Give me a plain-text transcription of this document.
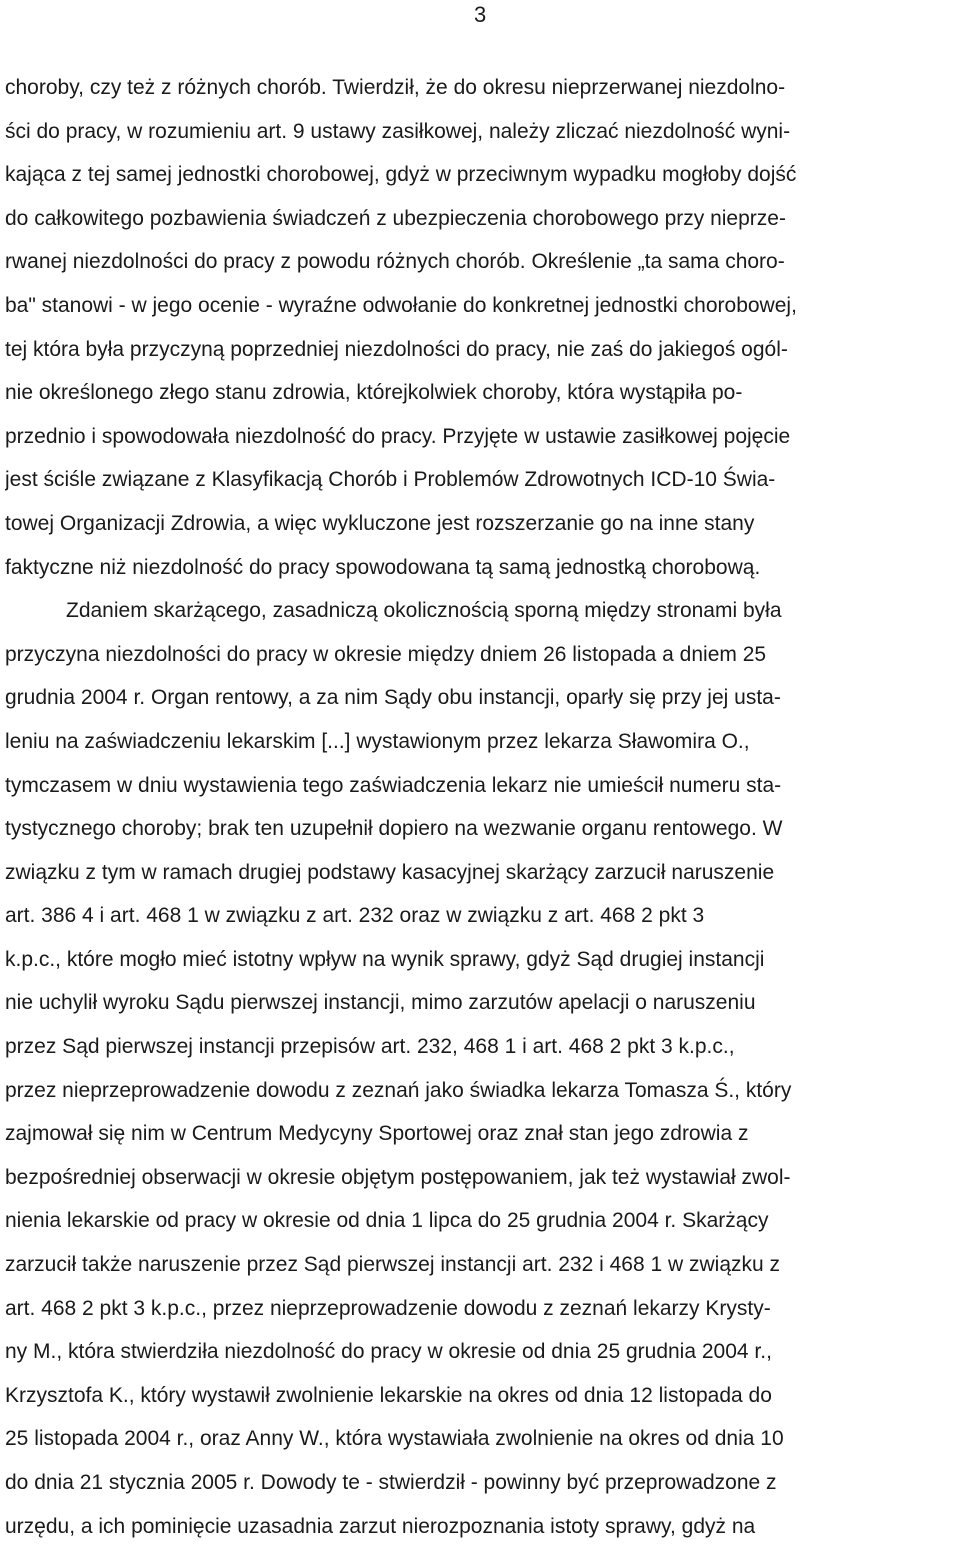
3
choroby, czy też z różnych chorób. Twierdził, że do okresu nieprzerwanej niezdolno-
ści do pracy, w rozumieniu art. 9 ustawy zasiłkowej, należy zliczać niezdolność wyni-
kająca z tej samej jednostki chorobowej, gdyż w przeciwnym wypadku mogłoby dojść
do całkowitego pozbawienia świadczeń z ubezpieczenia chorobowego przy nieprze-
rwanej niezdolności do pracy z powodu różnych chorób. Określenie „ta sama choro-
ba" stanowi - w jego ocenie - wyraźne odwołanie do konkretnej jednostki chorobowej,
tej która była przyczyną poprzedniej niezdolności do pracy, nie zaś do jakiegoś ogól-
nie określonego złego stanu zdrowia, którejkolwiek choroby, która wystąpiła po-
przednio i spowodowała niezdolność do pracy. Przyjęte w ustawie zasiłkowej pojęcie
jest ściśle związane z Klasyfikacją Chorób i Problemów Zdrowotnych ICD-10 Świa-
towej Organizacji Zdrowia, a więc wykluczone jest rozszerzanie go na inne stany
faktyczne niż niezdolność do pracy spowodowana tą samą jednostką chorobową.
Zdaniem skarżącego, zasadniczą okolicznością sporną między stronami była
przyczyna niezdolności do pracy w okresie między dniem 26 listopada a dniem 25
grudnia 2004 r. Organ rentowy, a za nim Sądy obu instancji, oparły się przy jej usta-
leniu na zaświadczeniu lekarskim [...] wystawionym przez lekarza Sławomira O.,
tymczasem w dniu wystawienia tego zaświadczenia lekarz nie umieścił numeru sta-
tystycznego choroby; brak ten uzupełnił dopiero na wezwanie organu rentowego. W
związku z tym w ramach drugiej podstawy kasacyjnej skarżący zarzucił naruszenie
art. 386 4 i art. 468 1 w związku z art. 232 oraz w związku z art. 468 2 pkt 3
k.p.c., które mogło mieć istotny wpływ na wynik sprawy, gdyż Sąd drugiej instancji
nie uchylił wyroku Sądu pierwszej instancji, mimo zarzutów apelacji o naruszeniu
przez Sąd pierwszej instancji przepisów art. 232, 468 1 i art. 468 2 pkt 3 k.p.c.,
przez nieprzeprowadzenie dowodu z zeznań jako świadka lekarza Tomasza Ś., który
zajmował się nim w Centrum Medycyny Sportowej oraz znał stan jego zdrowia z
bezpośredniej obserwacji w okresie objętym postępowaniem, jak też wystawiał zwol-
nienia lekarskie od pracy w okresie od dnia 1 lipca do 25 grudnia 2004 r. Skarżący
zarzucił także naruszenie przez Sąd pierwszej instancji art. 232 i 468 1 w związku z
art. 468 2 pkt 3 k.p.c., przez nieprzeprowadzenie dowodu z zeznań lekarzy Krysty-
ny M., która stwierdziła niezdolność do pracy w okresie od dnia 25 grudnia 2004 r.,
Krzysztofa K., który wystawił zwolnienie lekarskie na okres od dnia 12 listopada do
25 listopada 2004 r., oraz Anny W., która wystawiała zwolnienie na okres od dnia 10
do dnia 21 stycznia 2005 r. Dowody te - stwierdził - powinny być przeprowadzone z
urzędu, a ich pominięcie uzasadnia zarzut nierozpoznania istoty sprawy, gdyż na
